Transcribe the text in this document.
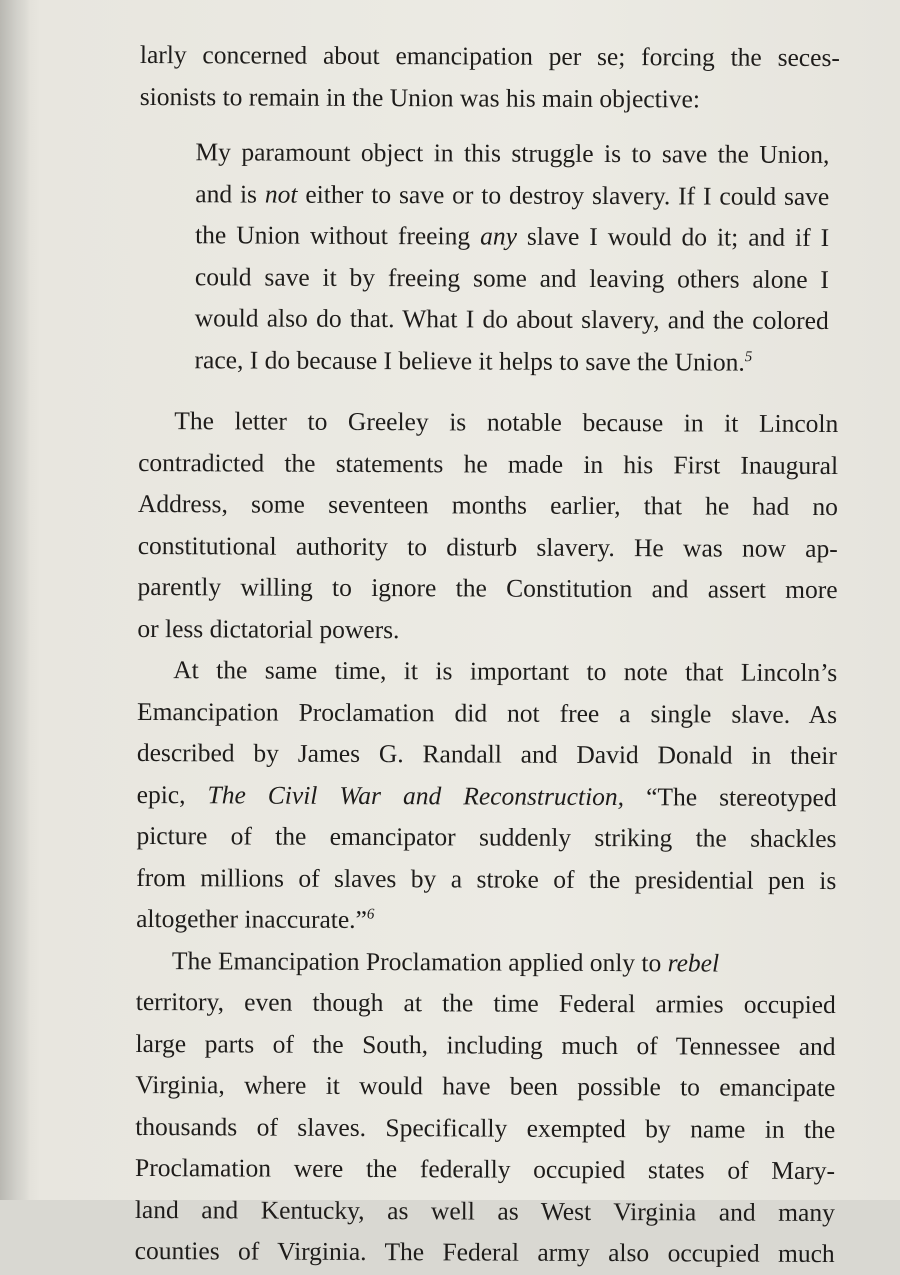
larly concerned about emancipation per se; forcing the seces-
sionists to remain in the Union was his main objective:
My paramount object in this struggle is to save the Union,
and is not either to save or to destroy slavery. If I could save
the Union without freeing any slave I would do it; and if I
could save it by freeing some and leaving others alone I
would also do that. What I do about slavery, and the colored
race, I do because I believe it helps to save the Union.$^5$
The letter to Greeley is notable because in it Lincoln
contradicted the statements he made in his First Inaugural
Address, some seventeen months earlier, that he had no
constitutional authority to disturb slavery. He was now ap-
parently willing to ignore the Constitution and assert more
or less dictatorial powers.
At the same time, it is important to note that Lincoln’s
Emancipation Proclamation did not free a single slave. As
described by James G. Randall and David Donald in their
epic, The Civil War and Reconstruction, “The stereotyped
picture of the emancipator suddenly striking the shackles
from millions of slaves by a stroke of the presidential pen is
altogether inaccurate.”$^6$
The Emancipation Proclamation applied only to rebel
territory, even though at the time Federal armies occupied
large parts of the South, including much of Tennessee and
Virginia, where it would have been possible to emancipate
thousands of slaves. Specifically exempted by name in the
Proclamation were the federally occupied states of Mary-
land and Kentucky, as well as West Virginia and many
counties of Virginia. The Federal army also occupied much
